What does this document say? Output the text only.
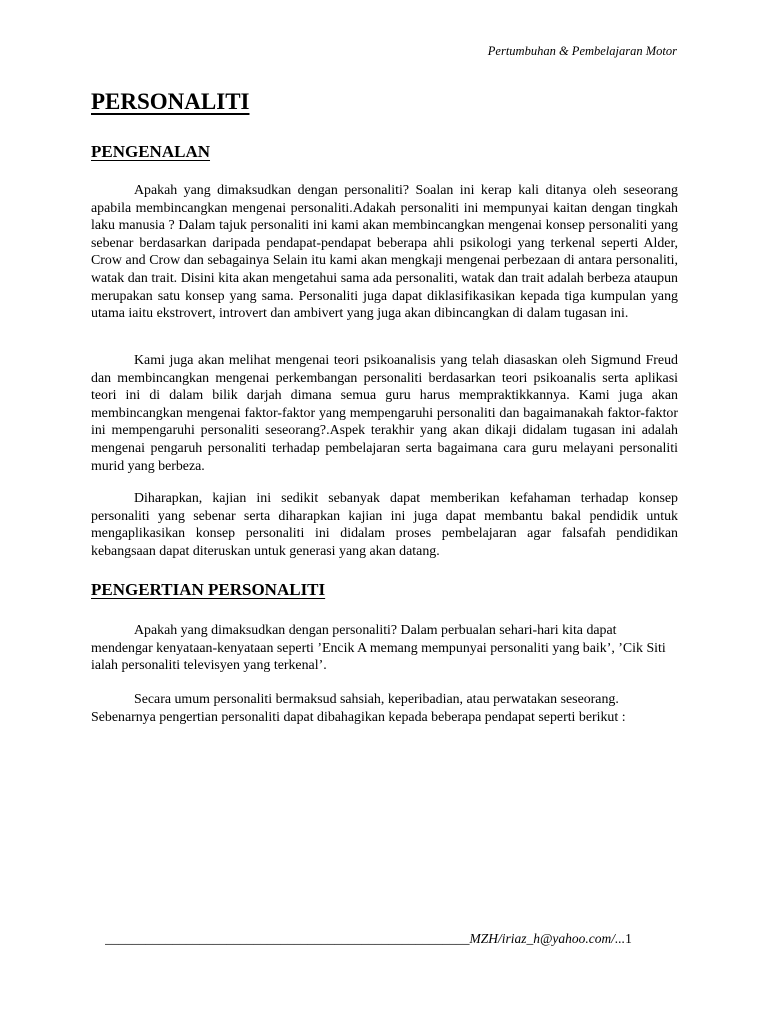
Pertumbuhan & Pembelajaran Motor
PERSONALITI
PENGENALAN

Apakah yang dimaksudkan dengan personaliti? Soalan ini kerap kali ditanya oleh seseorang apabila membincangkan mengenai personaliti.Adakah personaliti ini mempunyai kaitan dengan tingkah laku manusia ? Dalam tajuk personaliti ini kami akan membincangkan mengenai konsep personaliti yang sebenar berdasarkan daripada pendapat-pendapat beberapa ahli psikologi yang terkenal seperti Alder, Crow and Crow dan sebagainya Selain itu kami akan mengkaji mengenai perbezaan di antara personaliti, watak dan trait. Disini kita akan mengetahui sama ada personaliti, watak dan trait adalah berbeza ataupun merupakan satu konsep yang sama. Personaliti juga dapat diklasifikasikan kepada tiga kumpulan yang utama iaitu ekstrovert, introvert dan ambivert yang juga akan dibincangkan di dalam tugasan ini.

Kami juga akan melihat mengenai teori psikoanalisis yang telah diasaskan oleh Sigmund Freud dan membincangkan mengenai perkembangan personaliti berdasarkan teori psikoanalis serta aplikasi teori ini di dalam bilik darjah dimana semua guru harus mempraktikkannya. Kami juga akan membincangkan mengenai faktor-faktor yang mempengaruhi personaliti dan bagaimanakah faktor-faktor ini mempengaruhi personaliti seseorang?.Aspek terakhir yang akan dikaji didalam tugasan ini adalah mengenai pengaruh personaliti terhadap pembelajaran serta bagaimana cara guru melayani personaliti murid yang berbeza.

Diharapkan, kajian ini sedikit sebanyak dapat memberikan kefahaman terhadap konsep personaliti yang sebenar serta diharapkan kajian ini juga dapat membantu bakal pendidik untuk mengaplikasikan konsep personaliti ini didalam proses pembelajaran agar falsafah pendidikan kebangsaan dapat diteruskan untuk generasi yang akan datang.

PENGERTIAN PERSONALITI

Apakah yang dimaksudkan dengan personaliti? Dalam perbualan sehari-hari kita dapat mendengar kenyataan-kenyataan seperti ’Encik A memang mempunyai personaliti yang baik’, ’Cik Siti ialah personaliti televisyen yang terkenal’.

Secara umum personaliti bermaksud sahsiah, keperibadian, atau perwatakan seseorang. Sebenarnya pengertian personaliti dapat dibahagikan kepada beberapa pendapat seperti berikut :

______________________________________________________MZH/iriaz_h@yahoo.com/...1
